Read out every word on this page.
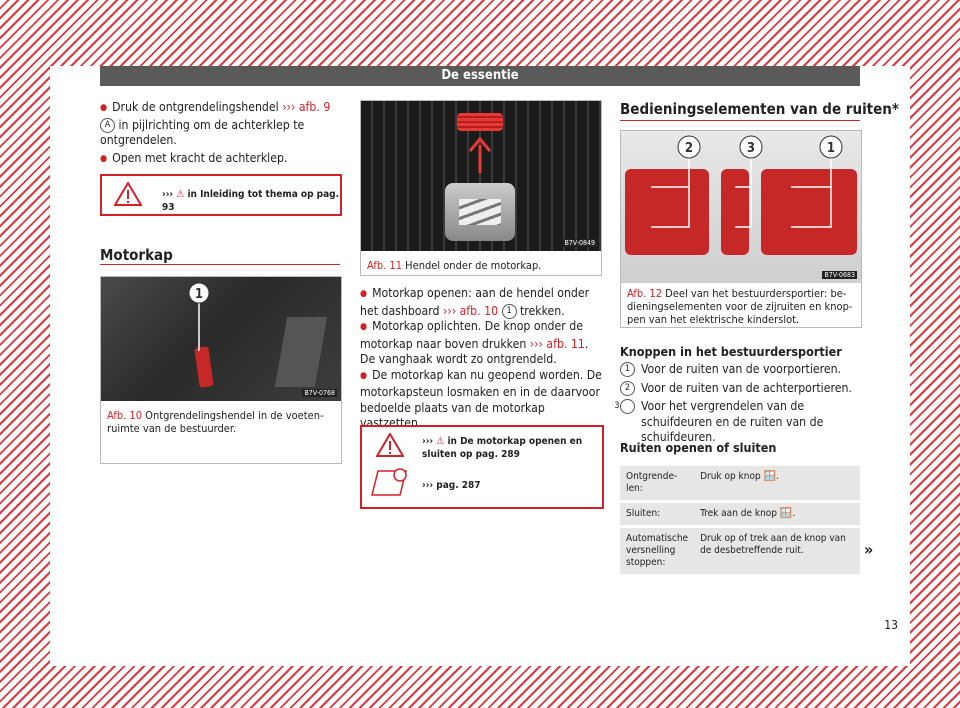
De essentie

● Druk de ontgrendelingshendel ››› afb. 9 A in pijlrichting om de achterklep te ontgrendelen.

● Open met kracht de achterklep.

››› ⚠ in Inleiding tot thema op pag. 93
Motorkap
1
B7V-0768
Afb. 10 Ontgrendelingshendel in de voetenruimte van de bestuurder.
B7V-0849
Afb. 11 Hendel onder de motorkap.

● Motorkap openen: aan de hendel onder het dashboard ››› afb. 10 1 trekken.

● Motorkap oplichten. De knop onder de motorkap naar boven drukken ››› afb. 11. De vanghaak wordt zo ontgrendeld.

● De motorkap kan nu geopend worden. De motorkapsteun losmaken en in de daarvoor bedoelde plaats van de motorkap vastzetten.

››› ⚠ in De motorkap openen en sluiten op pag. 289
››› pag. 287
Bedieningselementen van de ruiten*
2	3	1
B7V-0683
Afb. 12 Deel van het bestuurdersportier: bedieningselementen voor de zijruiten en knoppen van het elektrische kinderslot.
Knoppen in het bestuurdersportier

1 Voor de ruiten van de voorportieren.

2 Voor de ruiten van de achterportieren.

3 Voor het vergrendelen van de schuifdeuren en de ruiten van de schuifdeuren.

Ruiten openen of sluiten
Ontgrendelen:	Druk op knop 🪟.
Sluiten:	Trek aan de knop 🪟.
Automatische versnelling stoppen:	Druk op of trek aan de knop van de desbetreffende ruit.	»
13
